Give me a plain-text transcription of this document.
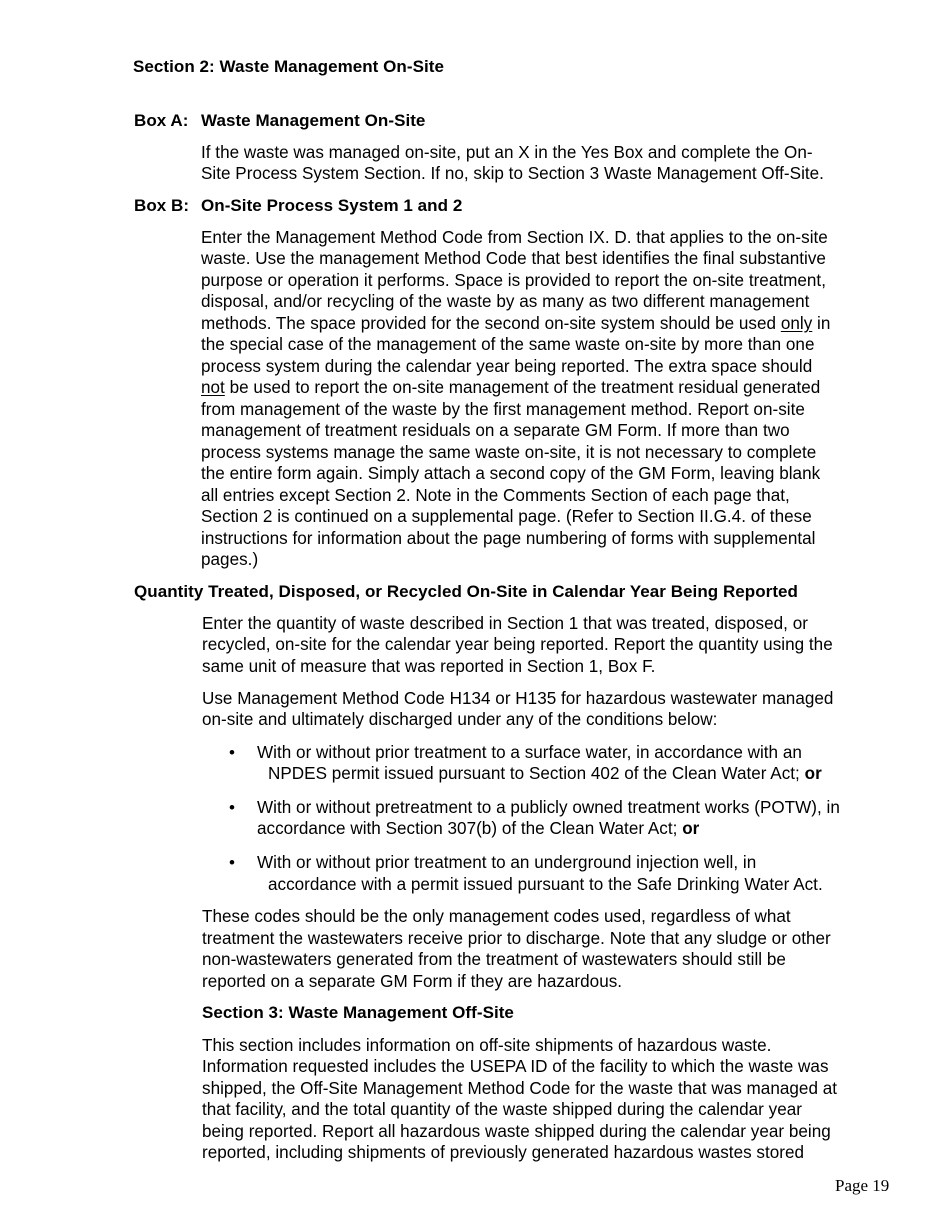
Section 2: Waste Management On-Site
Box A: Waste Management On-Site
If the waste was managed on-site, put an X in the Yes Box and complete the On-
Site Process System Section. If no, skip to Section 3 Waste Management Off-Site.
Box B: On-Site Process System 1 and 2
Enter the Management Method Code from Section IX. D. that applies to the on-site
waste. Use the management Method Code that best identifies the final substantive
purpose or operation it performs. Space is provided to report the on-site treatment,
disposal, and/or recycling of the waste by as many as two different management
methods. The space provided for the second on-site system should be used only in
the special case of the management of the same waste on-site by more than one
process system during the calendar year being reported. The extra space should
not be used to report the on-site management of the treatment residual generated
from management of the waste by the first management method. Report on-site
management of treatment residuals on a separate GM Form. If more than two
process systems manage the same waste on-site, it is not necessary to complete
the entire form again. Simply attach a second copy of the GM Form, leaving blank
all entries except Section 2. Note in the Comments Section of each page that,
Section 2 is continued on a supplemental page. (Refer to Section II.G.4. of these
instructions for information about the page numbering of forms with supplemental
pages.)
Quantity Treated, Disposed, or Recycled On-Site in Calendar Year Being Reported
Enter the quantity of waste described in Section 1 that was treated, disposed, or
recycled, on-site for the calendar year being reported. Report the quantity using the
same unit of measure that was reported in Section 1, Box F.
Use Management Method Code H134 or H135 for hazardous wastewater managed
on-site and ultimately discharged under any of the conditions below:
• With or without prior treatment to a surface water, in accordance with an
NPDES permit issued pursuant to Section 402 of the Clean Water Act; or
• With or without pretreatment to a publicly owned treatment works (POTW), in
accordance with Section 307(b) of the Clean Water Act; or
• With or without prior treatment to an underground injection well, in
accordance with a permit issued pursuant to the Safe Drinking Water Act.
These codes should be the only management codes used, regardless of what
treatment the wastewaters receive prior to discharge. Note that any sludge or other
non-wastewaters generated from the treatment of wastewaters should still be
reported on a separate GM Form if they are hazardous.
Section 3: Waste Management Off-Site
This section includes information on off-site shipments of hazardous waste.
Information requested includes the USEPA ID of the facility to which the waste was
shipped, the Off-Site Management Method Code for the waste that was managed at
that facility, and the total quantity of the waste shipped during the calendar year
being reported. Report all hazardous waste shipped during the calendar year being
reported, including shipments of previously generated hazardous wastes stored
Page 19
